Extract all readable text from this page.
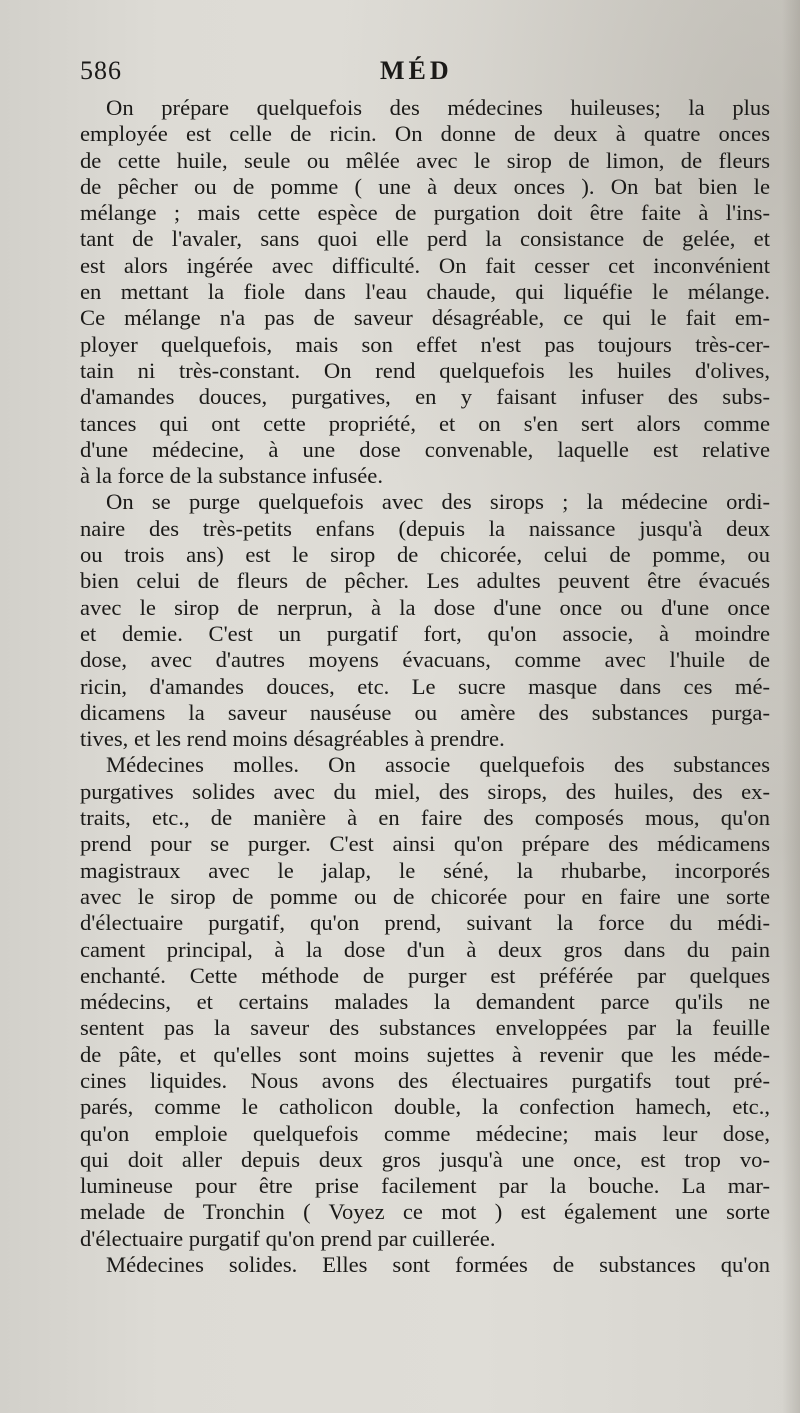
586	MÉD
On prépare quelquefois des médecines huileuses; la plus
employée est celle de ricin. On donne de deux à quatre onces
de cette huile, seule ou mêlée avec le sirop de limon, de fleurs
de pêcher ou de pomme ( une à deux onces ). On bat bien le
mélange ; mais cette espèce de purgation doit être faite à l'ins-
tant de l'avaler, sans quoi elle perd la consistance de gelée, et
est alors ingérée avec difficulté. On fait cesser cet inconvénient
en mettant la fiole dans l'eau chaude, qui liquéfie le mélange.
Ce mélange n'a pas de saveur désagréable, ce qui le fait em-
ployer quelquefois, mais son effet n'est pas toujours très-cer-
tain ni très-constant. On rend quelquefois les huiles d'olives,
d'amandes douces, purgatives, en y faisant infuser des subs-
tances qui ont cette propriété, et on s'en sert alors comme
d'une médecine, à une dose convenable, laquelle est relative
à la force de la substance infusée.
On se purge quelquefois avec des sirops ; la médecine ordi-
naire des très-petits enfans (depuis la naissance jusqu'à deux
ou trois ans) est le sirop de chicorée, celui de pomme, ou
bien celui de fleurs de pêcher. Les adultes peuvent être évacués
avec le sirop de nerprun, à la dose d'une once ou d'une once
et demie. C'est un purgatif fort, qu'on associe, à moindre
dose, avec d'autres moyens évacuans, comme avec l'huile de
ricin, d'amandes douces, etc. Le sucre masque dans ces mé-
dicamens la saveur nauséuse ou amère des substances purga-
tives, et les rend moins désagréables à prendre.
Médecines molles. On associe quelquefois des substances
purgatives solides avec du miel, des sirops, des huiles, des ex-
traits, etc., de manière à en faire des composés mous, qu'on
prend pour se purger. C'est ainsi qu'on prépare des médicamens
magistraux avec le jalap, le séné, la rhubarbe, incorporés
avec le sirop de pomme ou de chicorée pour en faire une sorte
d'électuaire purgatif, qu'on prend, suivant la force du médi-
cament principal, à la dose d'un à deux gros dans du pain
enchanté. Cette méthode de purger est préférée par quelques
médecins, et certains malades la demandent parce qu'ils ne
sentent pas la saveur des substances enveloppées par la feuille
de pâte, et qu'elles sont moins sujettes à revenir que les méde-
cines liquides. Nous avons des électuaires purgatifs tout pré-
parés, comme le catholicon double, la confection hamech, etc.,
qu'on emploie quelquefois comme médecine; mais leur dose,
qui doit aller depuis deux gros jusqu'à une once, est trop vo-
lumineuse pour être prise facilement par la bouche. La mar-
melade de Tronchin ( Voyez ce mot ) est également une sorte
d'électuaire purgatif qu'on prend par cuillerée.
Médecines solides. Elles sont formées de substances qu'on
